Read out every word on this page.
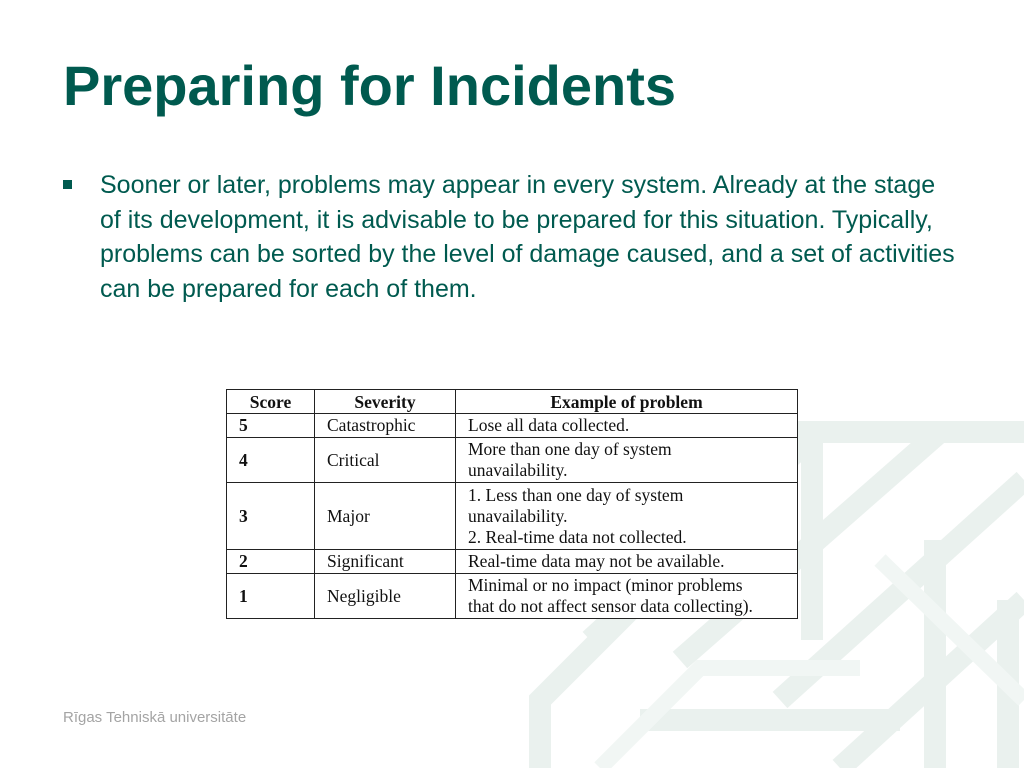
Preparing for Incidents

Sooner or later, problems may appear in every system. Already at the stage of its development, it is advisable to be prepared for this situation. Typically, problems can be sorted by the level of damage caused, and a set of activities can be prepared for each of them.

Score	Severity	Example of problem
5	Catastrophic	Lose all data collected.

4	Critical	More than one day of system
unavailability.

3	Major	1. Less than one day of system
unavailability.
2. Real-time data not collected.

2	Significant	Real-time data may not be available.

1	Negligible	Minimal or no impact (minor problems
that do not affect sensor data collecting).
Rīgas Tehniskā universitāte
